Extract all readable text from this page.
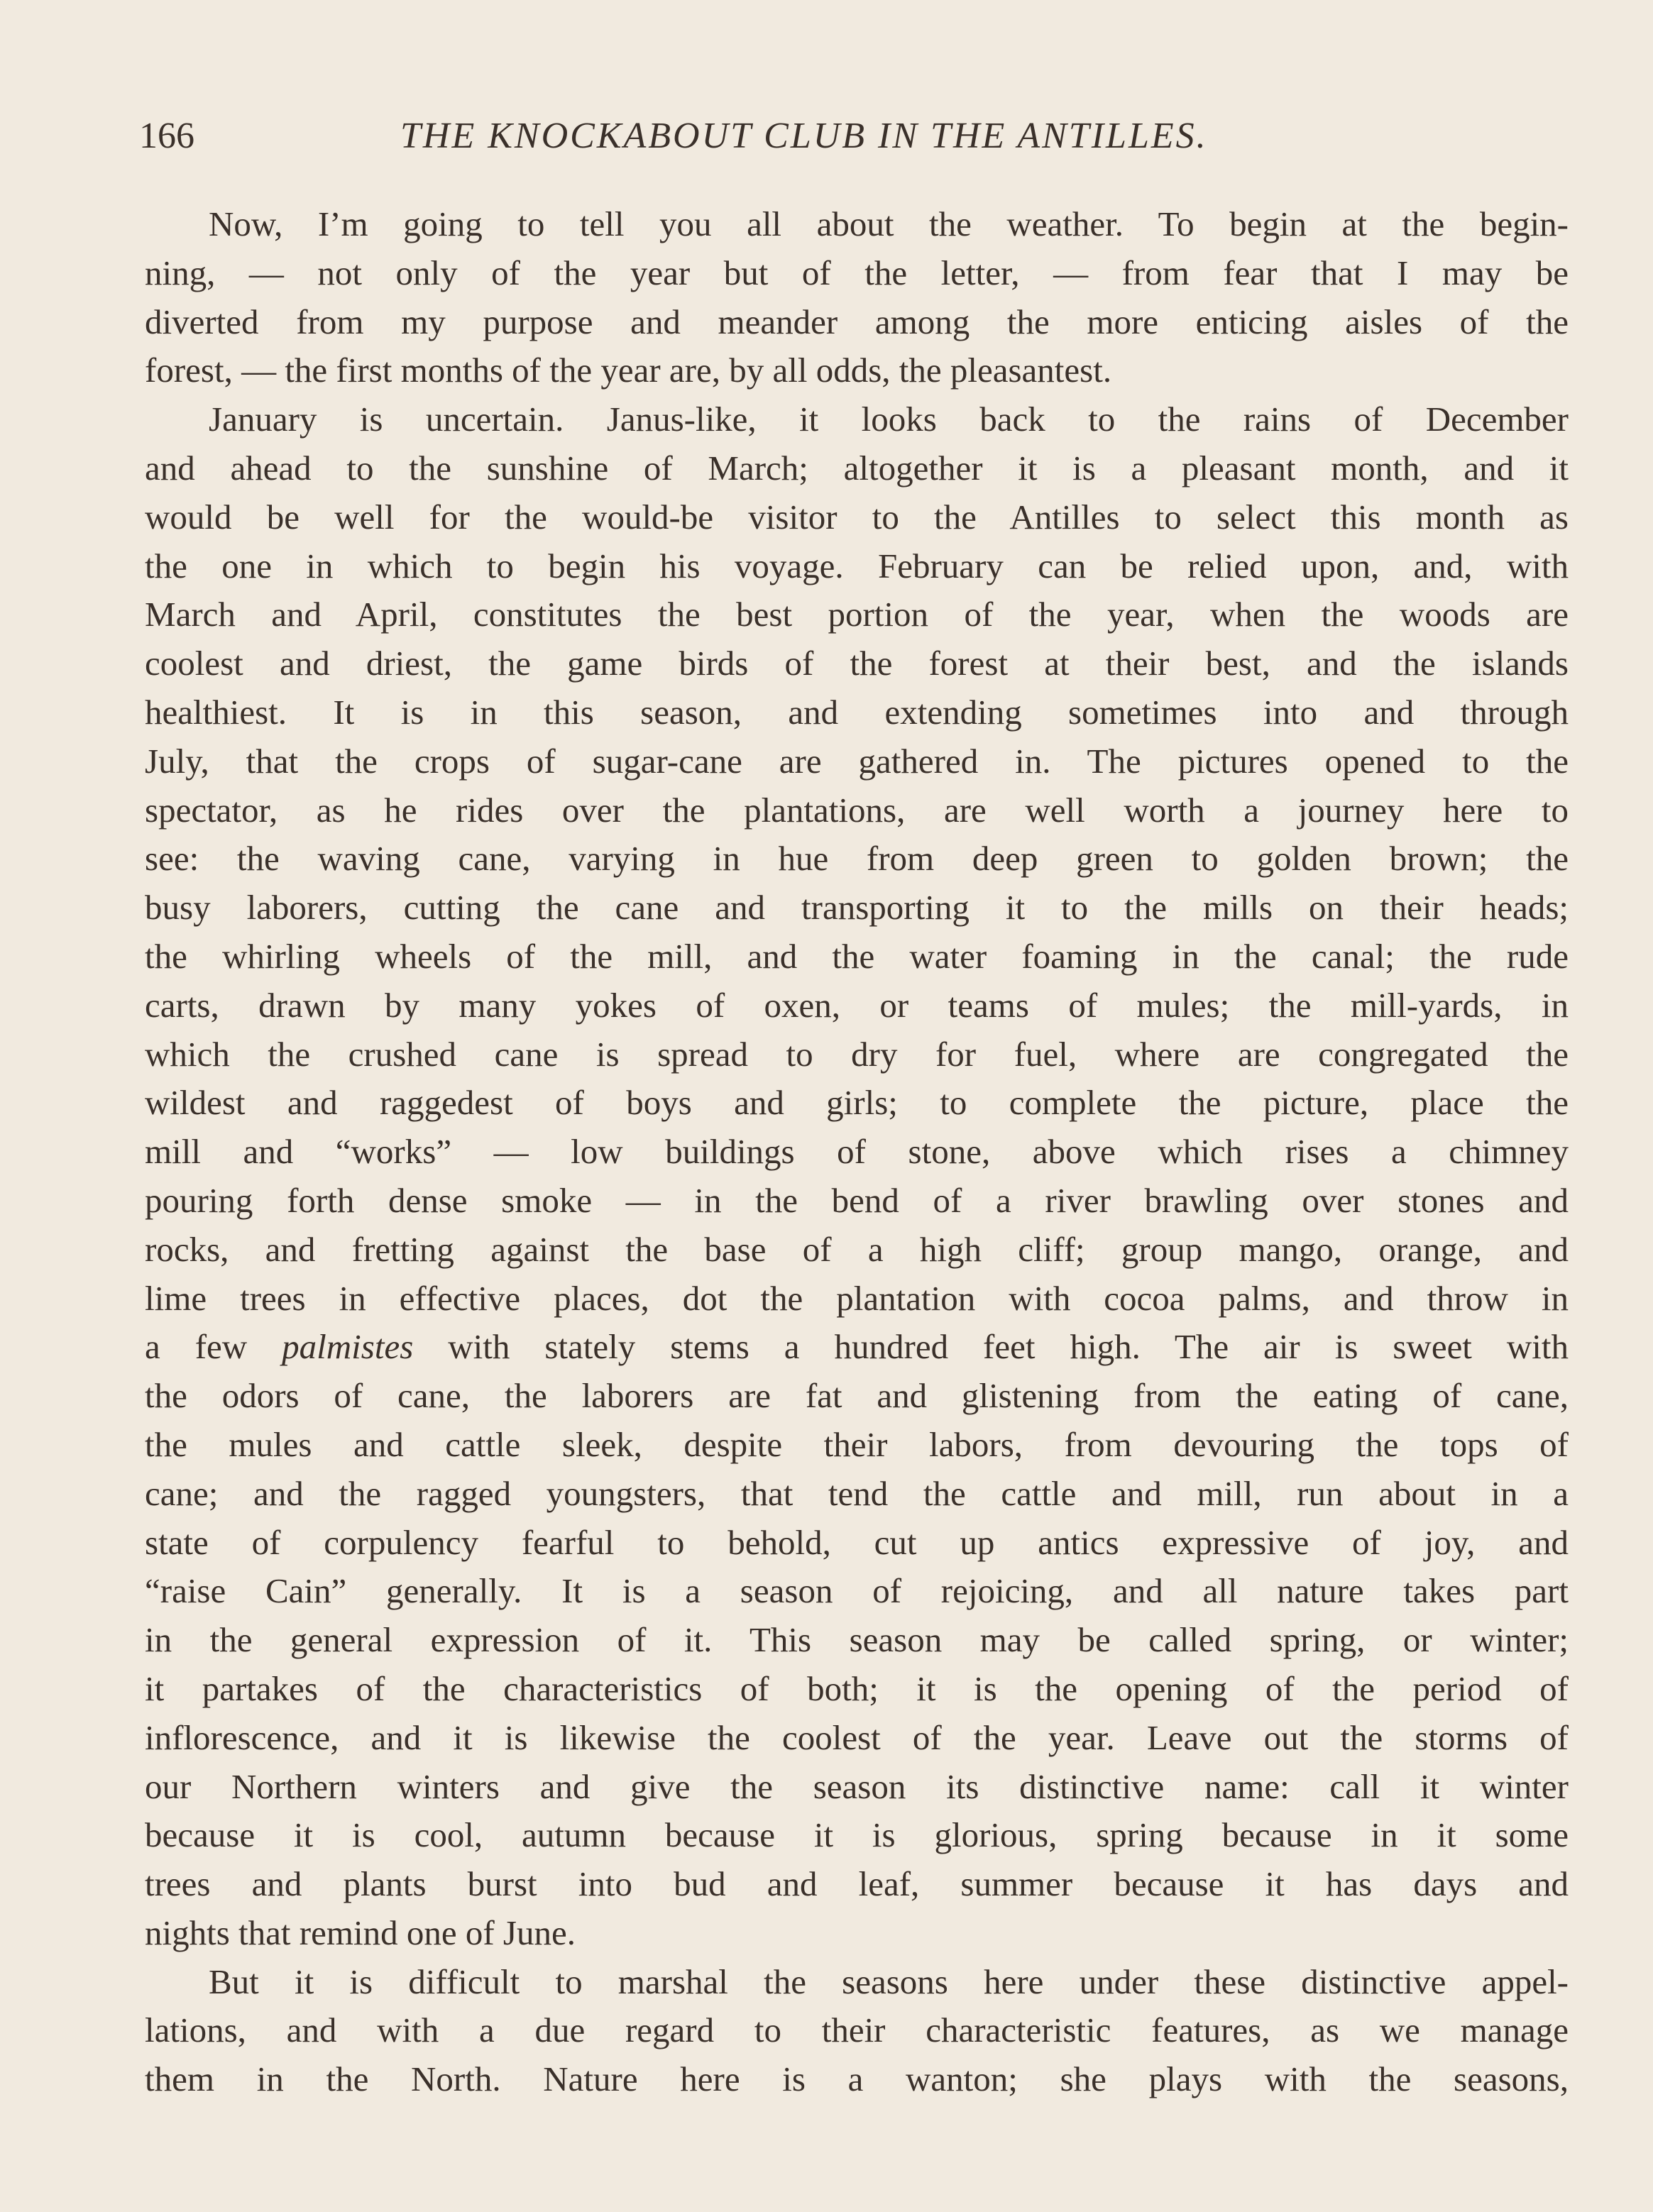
166	THE KNOCKABOUT CLUB IN THE ANTILLES.
Now, I’m going to tell you all about the weather. To begin at the begin-
ning, — not only of the year but of the letter, — from fear that I may be
diverted from my purpose and meander among the more enticing aisles of the
forest, — the first months of the year are, by all odds, the pleasantest.
January is uncertain. Janus-like, it looks back to the rains of December
and ahead to the sunshine of March; altogether it is a pleasant month, and it
would be well for the would-be visitor to the Antilles to select this month as
the one in which to begin his voyage. February can be relied upon, and, with
March and April, constitutes the best portion of the year, when the woods are
coolest and driest, the game birds of the forest at their best, and the islands
healthiest. It is in this season, and extending sometimes into and through
July, that the crops of sugar-cane are gathered in. The pictures opened to the
spectator, as he rides over the plantations, are well worth a journey here to
see: the waving cane, varying in hue from deep green to golden brown; the
busy laborers, cutting the cane and transporting it to the mills on their heads;
the whirling wheels of the mill, and the water foaming in the canal; the rude
carts, drawn by many yokes of oxen, or teams of mules; the mill-yards, in
which the crushed cane is spread to dry for fuel, where are congregated the
wildest and raggedest of boys and girls; to complete the picture, place the
mill and “works” — low buildings of stone, above which rises a chimney
pouring forth dense smoke — in the bend of a river brawling over stones and
rocks, and fretting against the base of a high cliff; group mango, orange, and
lime trees in effective places, dot the plantation with cocoa palms, and throw in
a few palmistes with stately stems a hundred feet high. The air is sweet with
the odors of cane, the laborers are fat and glistening from the eating of cane,
the mules and cattle sleek, despite their labors, from devouring the tops of
cane; and the ragged youngsters, that tend the cattle and mill, run about in a
state of corpulency fearful to behold, cut up antics expressive of joy, and
“raise Cain” generally. It is a season of rejoicing, and all nature takes part
in the general expression of it. This season may be called spring, or winter;
it partakes of the characteristics of both; it is the opening of the period of
inflorescence, and it is likewise the coolest of the year. Leave out the storms of
our Northern winters and give the season its distinctive name: call it winter
because it is cool, autumn because it is glorious, spring because in it some
trees and plants burst into bud and leaf, summer because it has days and
nights that remind one of June.
But it is difficult to marshal the seasons here under these distinctive appel-
lations, and with a due regard to their characteristic features, as we manage
them in the North. Nature here is a wanton; she plays with the seasons,
